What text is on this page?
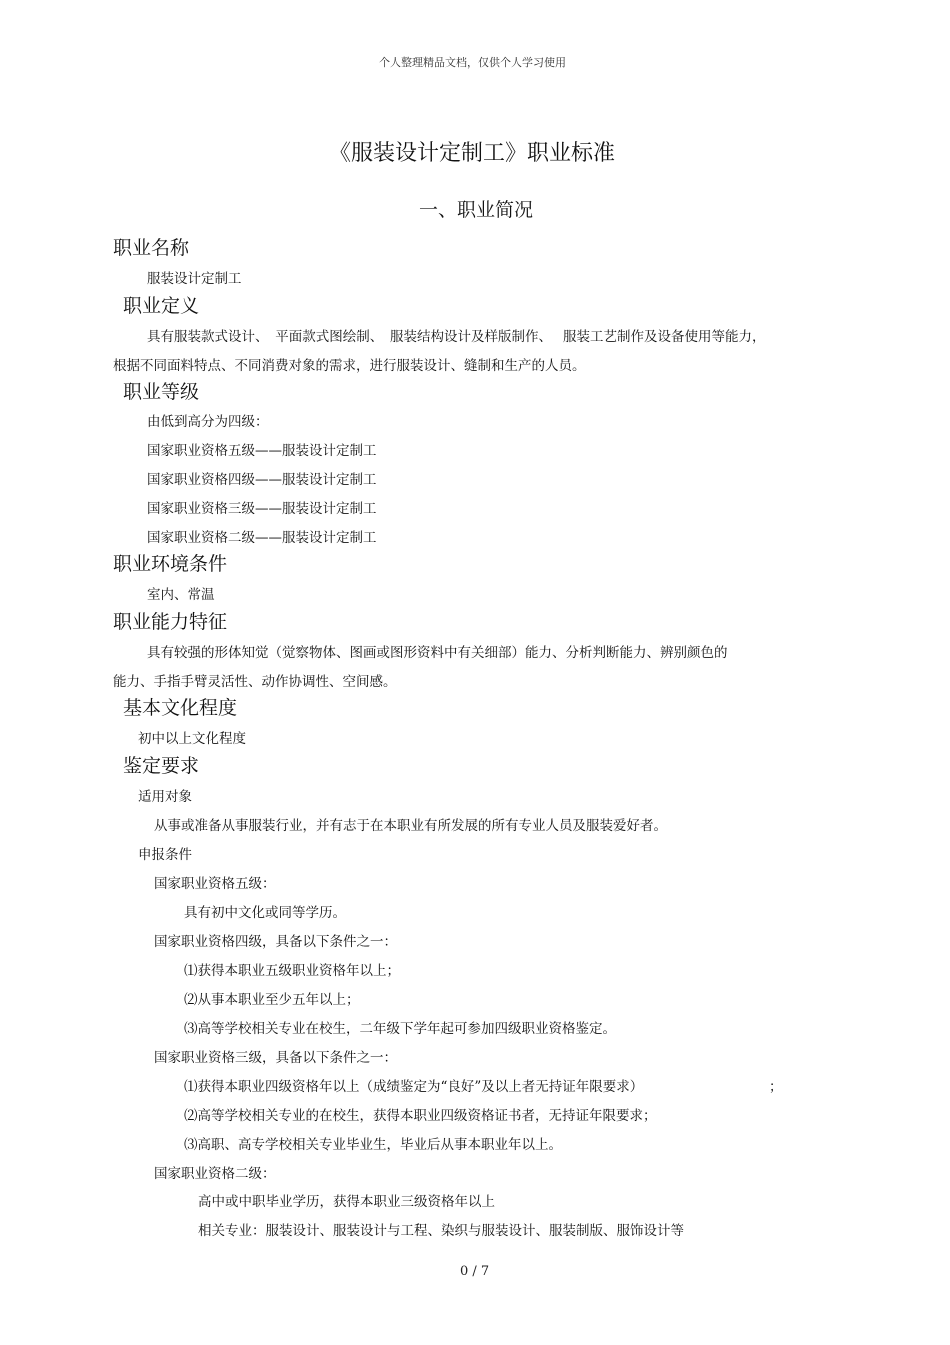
个人整理精品文档，仅供个人学习使用

《服装设计定制工》职业标准
一、职业简况
职业名称

服装设计定制工

职业定义

具有服装款式设计、　平面款式图绘制、　服装结构设计及样版制作、　 服装工艺制作及设备使用等能力，

根据不同面料特点、不同消费对象的需求，进行服装设计、缝制和生产的人员。

职业等级

由低到高分为四级：

国家职业资格五级——服装设计定制工

国家职业资格四级——服装设计定制工

国家职业资格三级——服装设计定制工

国家职业资格二级——服装设计定制工

职业环境条件

室内、常温

职业能力特征

具有较强的形体知觉（觉察物体、图画或图形资料中有关细部）能力、分析判断能力、辨别颜色的

能力、手指手臂灵活性、动作协调性、空间感。

基本文化程度

初中以上文化程度

鉴定要求

适用对象

从事或准备从事服装行业，并有志于在本职业有所发展的所有专业人员及服装爱好者。

申报条件

国家职业资格五级：

具有初中文化或同等学历。

国家职业资格四级，具备以下条件之一：

⑴获得本职业五级职业资格年以上；

⑵从事本职业至少五年以上；

⑶高等学校相关专业在校生，二年级下学年起可参加四级职业资格鉴定。

国家职业资格三级，具备以下条件之一：

⑴获得本职业四级资格年以上（成绩鉴定为“良好”及以上者无持证年限要求）	；

⑵高等学校相关专业的在校生，获得本职业四级资格证书者，无持证年限要求；

⑶高职、高专学校相关专业毕业生，毕业后从事本职业年以上。

国家职业资格二级：

高中或中职毕业学历，获得本职业三级资格年以上

相关专业：服装设计、服装设计与工程、染织与服装设计、服装制版、服饰设计等

0 / 7
